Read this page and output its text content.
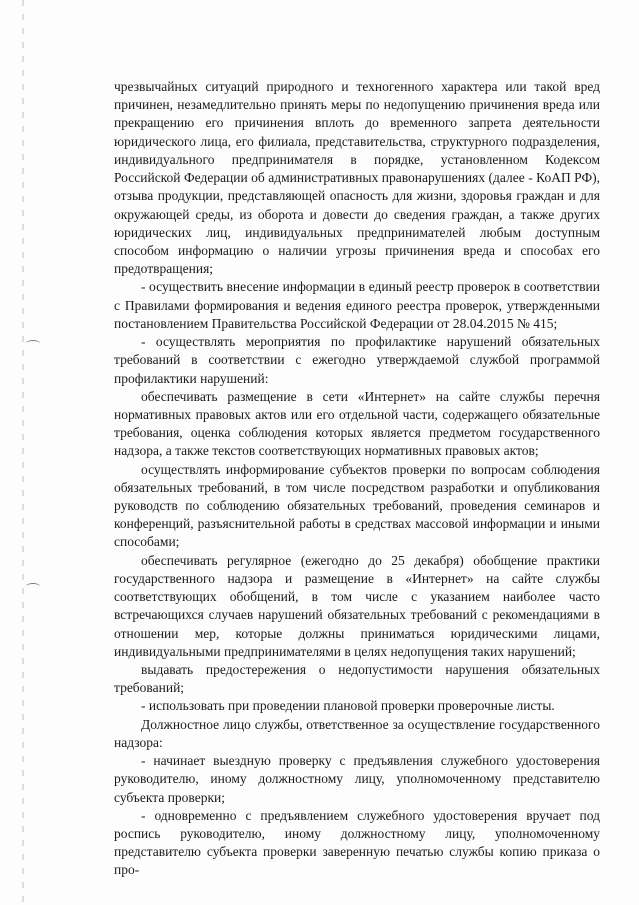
чрезвычайных ситуаций природного и техногенного характера или такой вред причинен, незамедлительно принять меры по недопущению причинения вреда или прекращению его причинения вплоть до временного запрета деятельности юридического лица, его филиала, представительства, структурного подразделения, индивидуального предпринимателя в порядке, установленном Кодексом Российской Федерации об административных правонарушениях (далее - КоАП РФ), отзыва продукции, представляющей опасность для жизни, здоровья граждан и для окружающей среды, из оборота и довести до сведения граждан, а также других юридических лиц, индивидуальных предпринимателей любым доступным способом информацию о наличии угрозы причинения вреда и способах его предотвращения;

- осуществить внесение информации в единый реестр проверок в соответствии с Правилами формирования и ведения единого реестра проверок, утвержденными постановлением Правительства Российской Федерации от 28.04.2015 № 415;

- осуществлять мероприятия по профилактике нарушений обязательных требований в соответствии с ежегодно утверждаемой службой программой профилактики нарушений:

обеспечивать размещение в сети «Интернет» на сайте службы перечня нормативных правовых актов или его отдельной части, содержащего обязательные требования, оценка соблюдения которых является предметом государственного надзора, а также текстов соответствующих нормативных правовых актов;

осуществлять информирование субъектов проверки по вопросам соблюдения обязательных требований, в том числе посредством разработки и опубликования руководств по соблюдению обязательных требований, проведения семинаров и конференций, разъяснительной работы в средствах массовой информации и иными способами;

обеспечивать регулярное (ежегодно до 25 декабря) обобщение практики государственного надзора и размещение в «Интернет» на сайте службы соответствующих обобщений, в том числе с указанием наиболее часто встречающихся случаев нарушений обязательных требований с рекомендациями в отношении мер, которые должны приниматься юридическими лицами, индивидуальными предпринимателями в целях недопущения таких нарушений;

выдавать предостережения о недопустимости нарушения обязательных требований;

- использовать при проведении плановой проверки проверочные листы.

Должностное лицо службы, ответственное за осуществление государственного надзора:

- начинает выездную проверку с предъявления служебного удостоверения руководителю, иному должностному лицу, уполномоченному представителю субъекта проверки;

- одновременно с предъявлением служебного удостоверения вручает под роспись руководителю, иному должностному лицу, уполномоченному представителю субъекта проверки заверенную печатью службы копию приказа о про-
